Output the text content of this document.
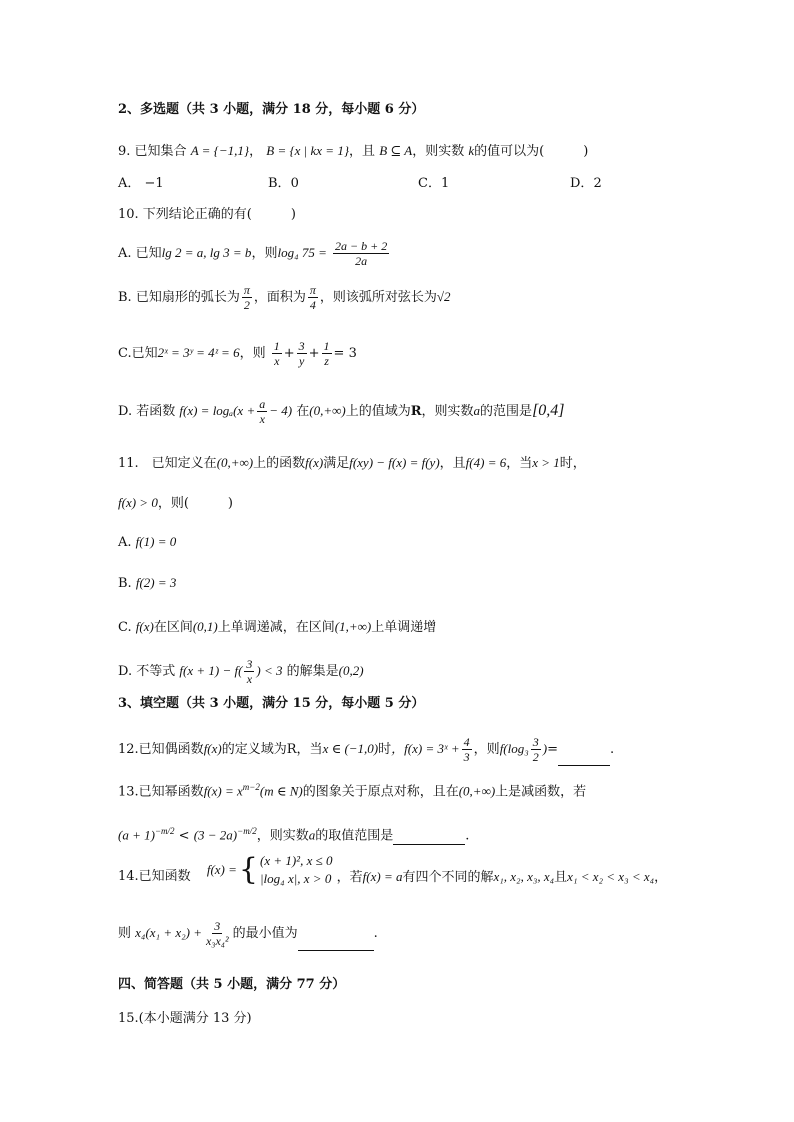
2、多选题（共 3 小题，满分 18 分，每小题 6 分）
9. 已知集合 A = {−1,1}， B = {x | kx = 1}，且 B ⊆ A，则实数 k的值可以为(　　　)
A． −1	B．0	C．1	D．2
10. 下列结论正确的有(　　　)
A. 已知lg 2 = a, lg 3 = b，则log₄ $75 = \frac{2a - b + 2}{2a}$
B. 已知扇形的弧长为 $\frac{\pi}{2}$ ，面积为 $\frac{\pi}{4}$ ，则该弧所对弦长为√2
C.已知2ˣ = 3ʸ = 4ᶻ = 6，则 $\frac{1}{x} + \frac{3}{y} + \frac{1}{z} = 3$
D. 若函数 $f(x) = \log_a(x + \frac{a}{x} - 4)$ 在(0,+∞)上的值域为R，则实数a的范围是[0,4]
11.　已知定义在(0,+∞)上的函数f(x)满足f(xy) − f(x) = f(y)，且f(4) = 6，当x > 1时，
f(x) > 0，则(　　　)
A. f(1) = 0
B. f(2) = 3
C. f(x)在区间(0,1)上单调递减，在区间(1,+∞)上单调递增
D. 不等式 $f(x + 1) - f( \frac{3}{x}$ ) < 3 的解集是(0,2)
3、填空题（共 3 小题，满分 15 分，每小题 5 分）
12.已知偶函数f(x)的定义域为R，当x ∈ (−1,0)时，f(x) = 3ˣ + $\frac{4}{3}$ ，则$f(\log_3 \frac{3}{2}$ )=	.
13.已知幂函数$f(x) = x^{m-2}(m$ ∈ N)的图象关于原点对称，且在(0,+∞)上是减函数，若
$(a + 1)^{-m/2} < (3 - 2a)^{-m/2}$，则实数a的取值范围是	.
14.已知函数 f(x) = { (x + 1)², x ≤ 0
|log₄ x|, x > 0 ，若f(x) = a有四个不同的解x₁, x₂, x₃, x₄且x₁ < x₂ < x₃ < x₄，
则 $x_4(x_1 + x_2) + \frac{3}{\text{x₃x₄²}}$ 的最小值为	.
四、简答题（共 5 小题，满分 77 分）
15.(本小题满分 13 分)
